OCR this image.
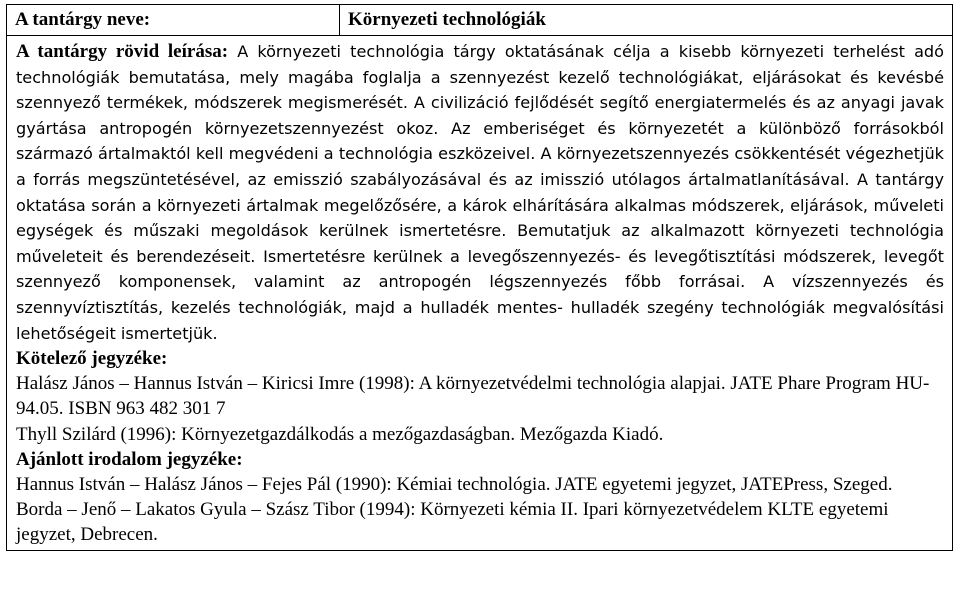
A tantárgy neve:	Környezeti technológiák

A tantárgy rövid leírása: A környezeti technológia tárgy oktatásának célja a kisebb környezeti terhelést adó technológiák bemutatása, mely magába foglalja a szennyezést kezelő technológiákat, eljárásokat és kevésbé szennyező termékek, módszerek megismerését. A civilizáció fejlődését segítő energiatermelés és az anyagi javak gyártása antropogén környezetszennyezést okoz. Az emberiséget és környezetét a különböző forrásokból származó ártalmaktól kell megvédeni a technológia eszközeivel. A környezetszennyezés csökkentését végezhetjük a forrás megszüntetésével, az emisszió szabályozásával és az imisszió utólagos ártalmatlanításával. A tantárgy oktatása során a környezeti ártalmak megelőzősére, a károk elhárítására alkalmas módszerek, eljárások, műveleti egységek és műszaki megoldások kerülnek ismertetésre. Bemutatjuk az alkalmazott környezeti technológia műveleteit és berendezéseit. Ismertetésre kerülnek a levegőszennyezés- és levegőtisztítási módszerek, levegőt szennyező komponensek, valamint az antropogén légszennyezés főbb forrásai. A vízszennyezés és szennyvíztisztítás, kezelés technológiák, majd a hulladék mentes- hulladék szegény technológiák megvalósítási lehetőségeit ismertetjük.

Kötelező jegyzéke:

Halász János – Hannus István – Kiricsi Imre (1998): A környezetvédelmi technológia alapjai. JATE Phare Program HU-94.05. ISBN 963 482 301 7

Thyll Szilárd (1996): Környezetgazdálkodás a mezőgazdaságban. Mezőgazda Kiadó.

Ajánlott irodalom jegyzéke:

Hannus István – Halász János – Fejes Pál (1990): Kémiai technológia. JATE egyetemi jegyzet, JATEPress, Szeged.

Borda – Jenő – Lakatos Gyula – Szász Tibor (1994): Környezeti kémia II. Ipari környezetvédelem KLTE egyetemi jegyzet, Debrecen.
